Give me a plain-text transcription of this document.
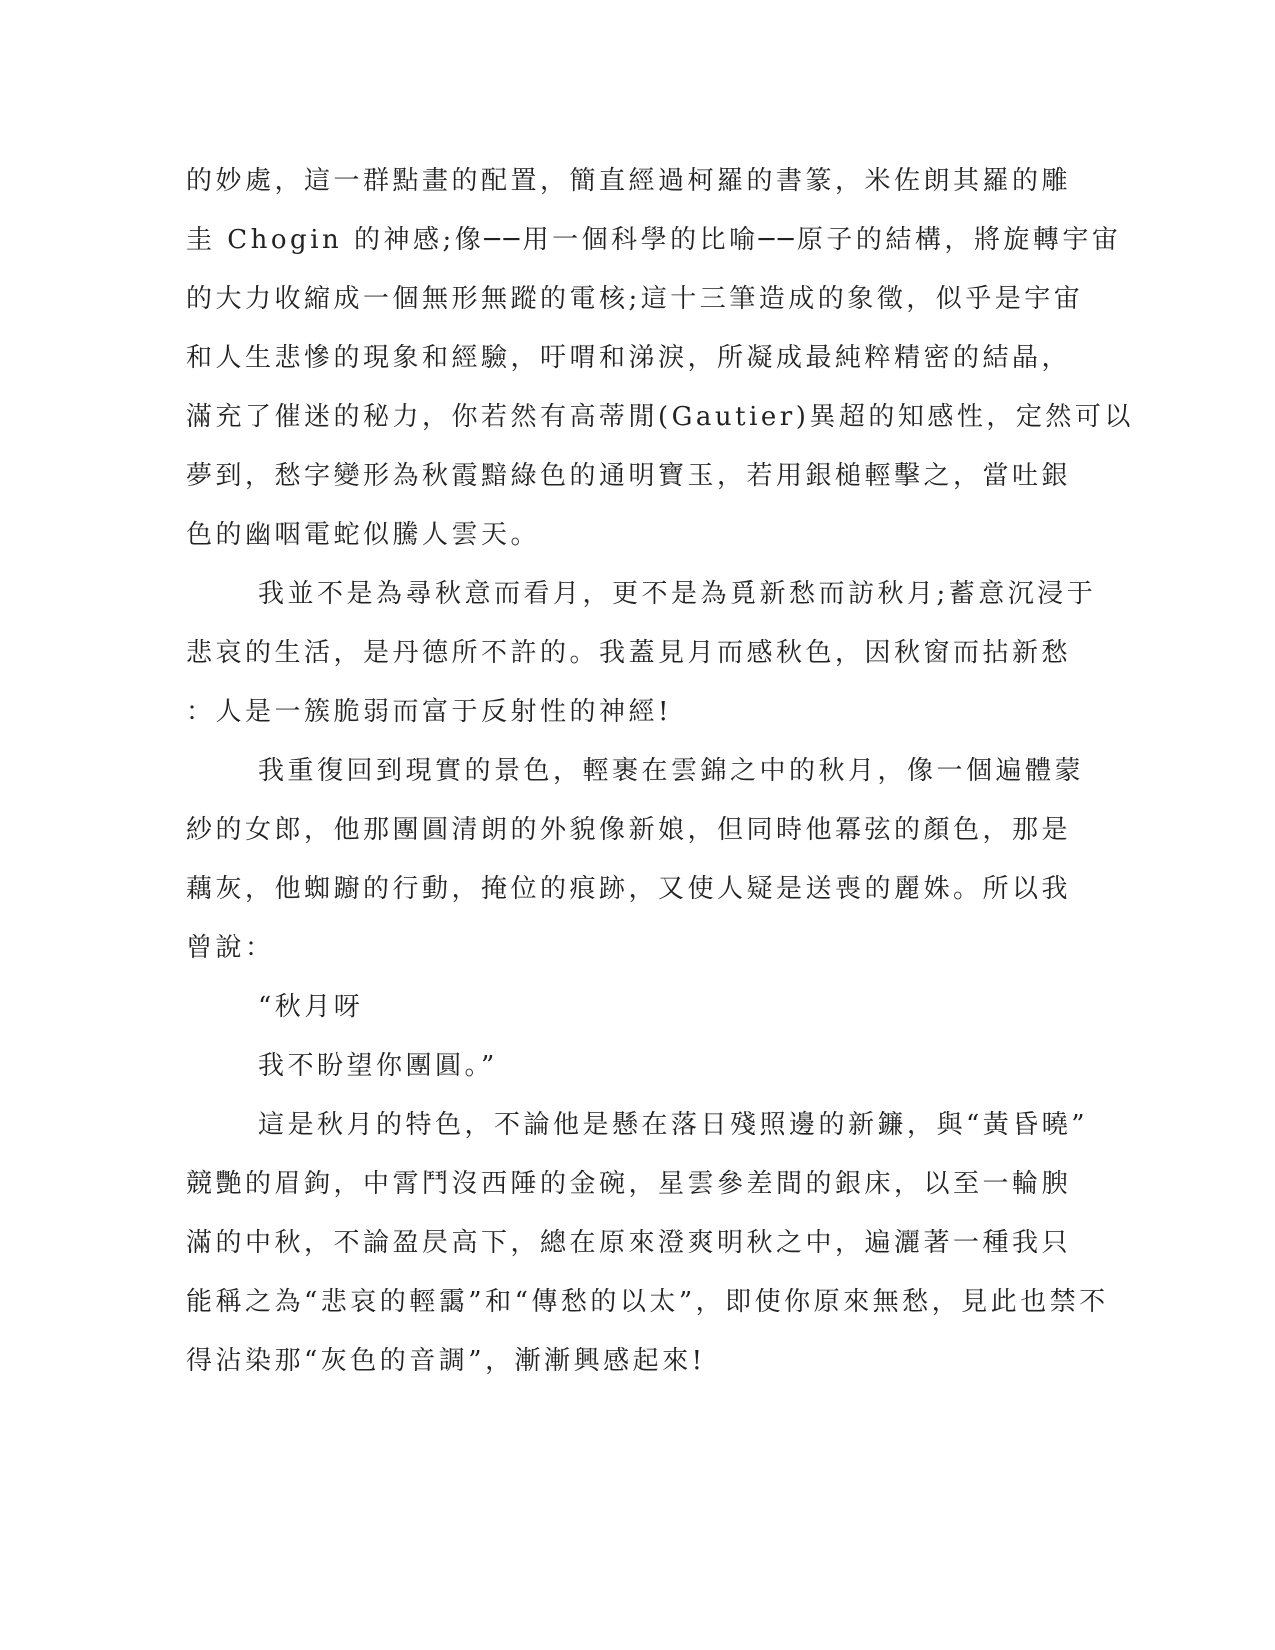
的妙處，這一群點畫的配置，簡直經過柯羅的書篆，米佐朗其羅的雕
圭 Chogin 的神感;像──用一個科學的比喻──原子的結構，將旋轉宇宙
的大力收縮成一個無形無蹤的電核;這十三筆造成的象徵，似乎是宇宙
和人生悲慘的現象和經驗，吁喟和涕淚，所凝成最純粹精密的結晶，
滿充了催迷的秘力，你若然有高蒂閒(Gautier)異超的知感性，定然可以
夢到，愁字變形為秋霞黯綠色的通明寶玉，若用銀槌輕擊之，當吐銀
色的幽咽電蛇似騰人雲天。
我並不是為尋秋意而看月，更不是為覓新愁而訪秋月;蓄意沉浸于
悲哀的生活，是丹德所不許的。我蓋見月而感秋色，因秋窗而拈新愁
：人是一簇脆弱而富于反射性的神經!
我重復回到現實的景色，輕裹在雲錦之中的秋月，像一個遍體蒙
紗的女郎，他那團圓清朗的外貌像新娘，但同時他冪弦的顏色，那是
藕灰，他蜘躕的行動，掩位的痕跡，又使人疑是送喪的麗姝。所以我
曾說：
“秋月呀
我不盼望你團圓。”
這是秋月的特色，不論他是懸在落日殘照邊的新鐮，與“黃昏曉”
競艷的眉鉤，中霄鬥沒西陲的金碗，星雲參差間的銀床，以至一輪腴
滿的中秋，不論盈昃高下，總在原來澄爽明秋之中，遍灑著一種我只
能稱之為“悲哀的輕靄”和“傳愁的以太”，即使你原來無愁，見此也禁不
得沾染那“灰色的音調”，漸漸興感起來!
